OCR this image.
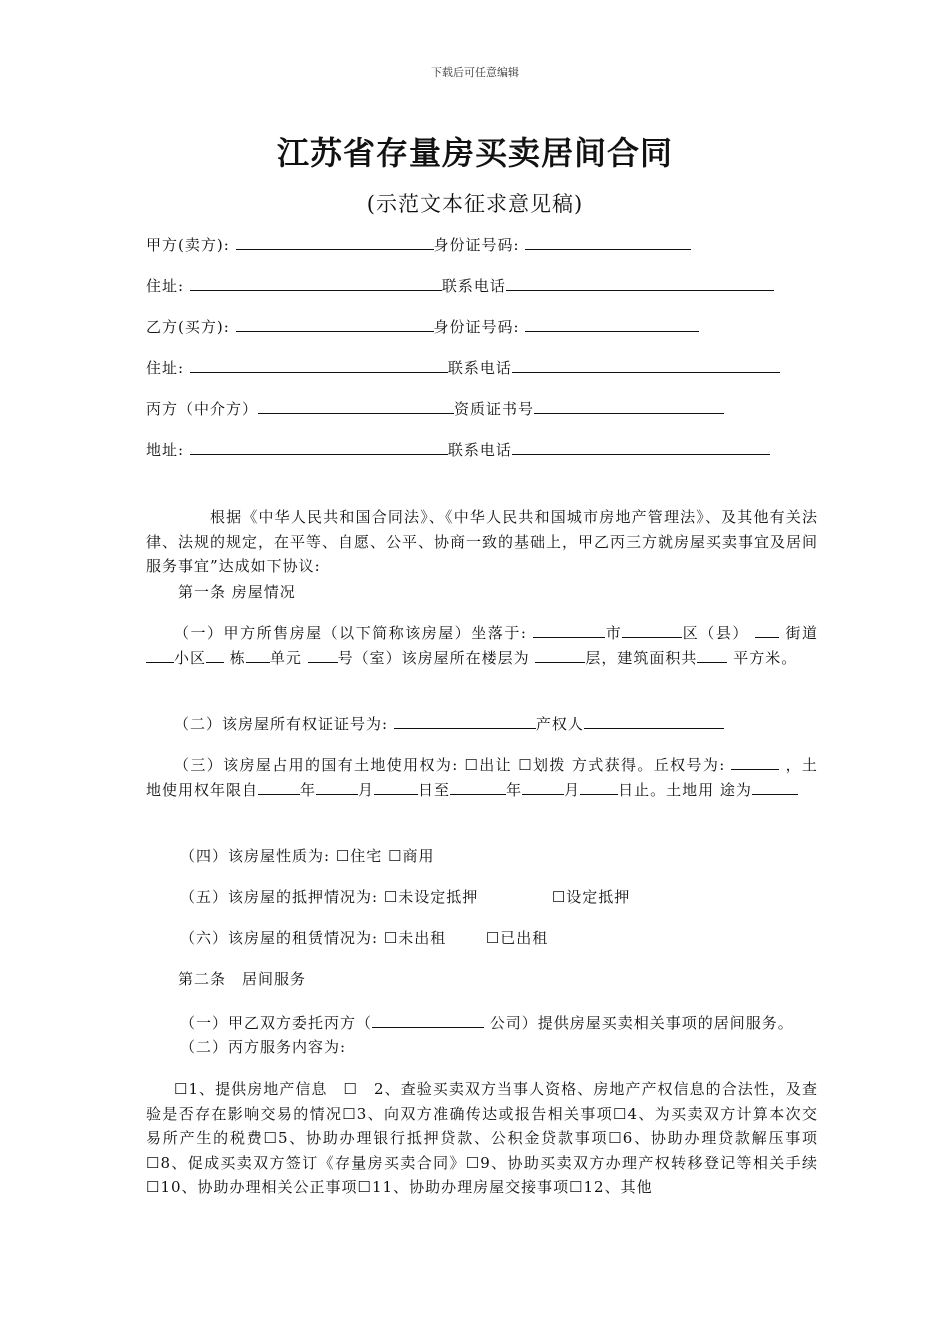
下载后可任意编辑
江苏省存量房买卖居间合同
(示范文本征求意见稿)
甲方(卖方):	身份证号码:
住址:	联系电话
乙方(买方):	身份证号码:
住址:	联系电话
丙方（中介方）	资质证书号
地址:	联系电话
根据《中华人民共和国合同法》、《中华人民共和国城市房地产管理法》、及其他有关法律、法规的规定，在平等、自愿、公平、协商一致的基础上，甲乙丙三方就房屋买卖事宜及居间服务事宜”达成如下协议:
第一条 房屋情况
（一）甲方所售房屋（以下简称该房屋）坐落于:	市	区（县） 街道小区 栋 单元 号（室）该房屋所在楼层为	层，建筑面积共 平方米。
（二）该房屋所有权证证号为:	产权人
（三）该房屋占用的国有土地使用权为: ☐出让 ☐划拨 方式获得。丘权号为:	，土地使用权年限自	年	月	日至	年	月	日止。土地用 途为
（四）该房屋性质为: ☐住宅 ☐商用
（五）该房屋的抵押情况为: ☐未设定抵押	☐设定抵押
（六）该房屋的租赁情况为: ☐未出租	☐已出租
第二条　居间服务
（一）甲乙双方委托丙方（	公司）提供房屋买卖相关事项的居间服务。
（二）丙方服务内容为:
☐1、提供房地产信息　☐　2、查验买卖双方当事人资格、房地产产权信息的合法性，及查验是否存在影响交易的情况☐3、向双方准确传达或报告相关事项☐4、为买卖双方计算本次交易所产生的税费☐5、协助办理银行抵押贷款、公积金贷款事项☐6、协助办理贷款解压事项☐8、促成买卖双方签订《存量房买卖合同》☐9、协助买卖双方办理产权转移登记等相关手续☐10、协助办理相关公正事项☐11、协助办理房屋交接事项☐12、其他
